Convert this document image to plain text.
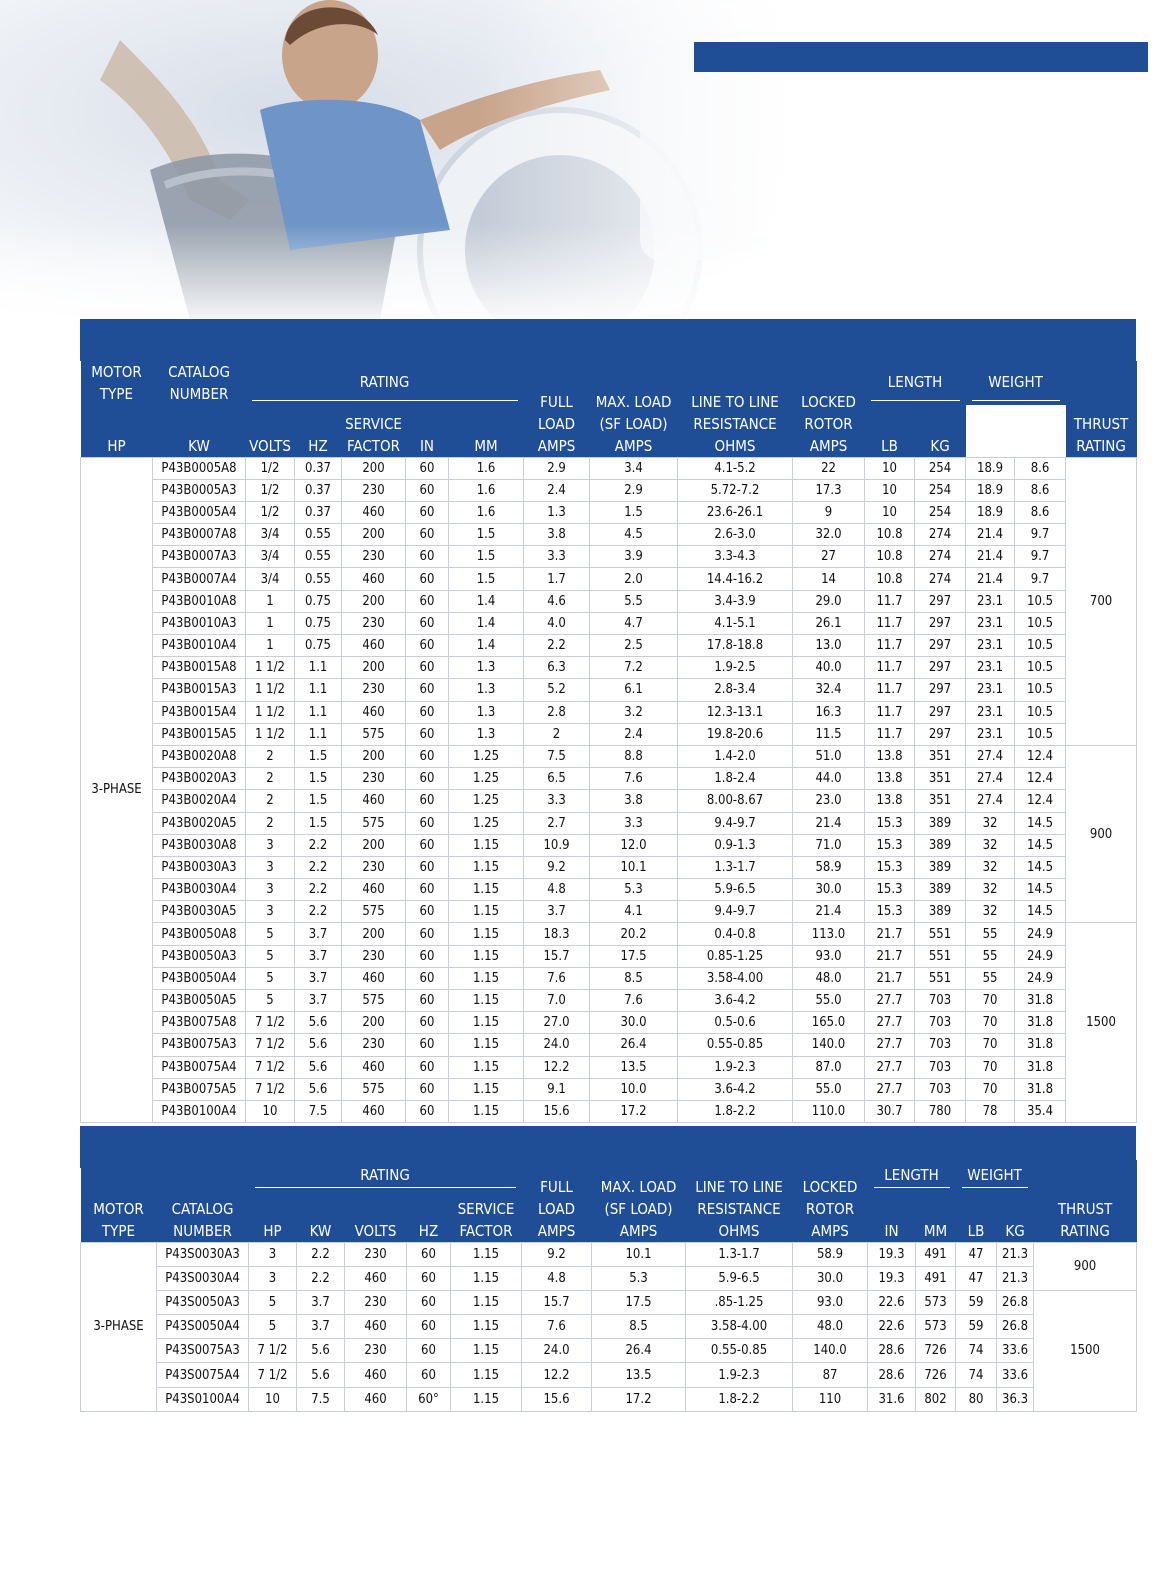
MOTOR TYPE	CATALOG NUMBER	RATING					FULL LOAD AMPS	MAX. LOAD (SF LOAD) AMPS	LINE TO LINE RESISTANCE OHMS	LOCKED ROTOR AMPS	LENGTH		WEIGHT		THRUST RATING

HP	KW	VOLTS	HZ	SERVICE FACTOR	IN	MM					LB	KG			
3-PHASE	P43B0005A8	1/2	0.37	200	60	1.6	2.9	3.4	4.1-5.2	22	10	254	18.9	8.6	700
	P43B0005A3	1/2	0.37	230	60	1.6	2.4	2.9	5.72-7.2	17.3	10	254	18.9	8.6	
	P43B0005A4	1/2	0.37	460	60	1.6	1.3	1.5	23.6-26.1	9	10	254	18.9	8.6	
	P43B0007A8	3/4	0.55	200	60	1.5	3.8	4.5	2.6-3.0	32.0	10.8	274	21.4	9.7	
	P43B0007A3	3/4	0.55	230	60	1.5	3.3	3.9	3.3-4.3	27	10.8	274	21.4	9.7	
	P43B0007A4	3/4	0.55	460	60	1.5	1.7	2.0	14.4-16.2	14	10.8	274	21.4	9.7	
	P43B0010A8	1	0.75	200	60	1.4	4.6	5.5	3.4-3.9	29.0	11.7	297	23.1	10.5	
	P43B0010A3	1	0.75	230	60	1.4	4.0	4.7	4.1-5.1	26.1	11.7	297	23.1	10.5	
	P43B0010A4	1	0.75	460	60	1.4	2.2	2.5	17.8-18.8	13.0	11.7	297	23.1	10.5	
	P43B0015A8	1 1/2	1.1	200	60	1.3	6.3	7.2	1.9-2.5	40.0	11.7	297	23.1	10.5	
	P43B0015A3	1 1/2	1.1	230	60	1.3	5.2	6.1	2.8-3.4	32.4	11.7	297	23.1	10.5	
	P43B0015A4	1 1/2	1.1	460	60	1.3	2.8	3.2	12.3-13.1	16.3	11.7	297	23.1	10.5	
	P43B0015A5	1 1/2	1.1	575	60	1.3	2	2.4	19.8-20.6	11.5	11.7	297	23.1	10.5	
	P43B0020A8	2	1.5	200	60	1.25	7.5	8.8	1.4-2.0	51.0	13.8	351	27.4	12.4	900
	P43B0020A3	2	1.5	230	60	1.25	6.5	7.6	1.8-2.4	44.0	13.8	351	27.4	12.4	
	P43B0020A4	2	1.5	460	60	1.25	3.3	3.8	8.00-8.67	23.0	13.8	351	27.4	12.4	
	P43B0020A5	2	1.5	575	60	1.25	2.7	3.3	9.4-9.7	21.4	15.3	389	32	14.5	
	P43B0030A8	3	2.2	200	60	1.15	10.9	12.0	0.9-1.3	71.0	15.3	389	32	14.5	
	P43B0030A3	3	2.2	230	60	1.15	9.2	10.1	1.3-1.7	58.9	15.3	389	32	14.5	
	P43B0030A4	3	2.2	460	60	1.15	4.8	5.3	5.9-6.5	30.0	15.3	389	32	14.5	
	P43B0030A5	3	2.2	575	60	1.15	3.7	4.1	9.4-9.7	21.4	15.3	389	32	14.5	
	P43B0050A8	5	3.7	200	60	1.15	18.3	20.2	0.4-0.8	113.0	21.7	551	55	24.9	1500
	P43B0050A3	5	3.7	230	60	1.15	15.7	17.5	0.85-1.25	93.0	21.7	551	55	24.9	
	P43B0050A4	5	3.7	460	60	1.15	7.6	8.5	3.58-4.00	48.0	21.7	551	55	24.9	
	P43B0050A5	5	3.7	575	60	1.15	7.0	7.6	3.6-4.2	55.0	27.7	703	70	31.8	
	P43B0075A8	7 1/2	5.6	200	60	1.15	27.0	30.0	0.5-0.6	165.0	27.7	703	70	31.8	
	P43B0075A3	7 1/2	5.6	230	60	1.15	24.0	26.4	0.55-0.85	140.0	27.7	703	70	31.8	
	P43B0075A4	7 1/2	5.6	460	60	1.15	12.2	13.5	1.9-2.3	87.0	27.7	703	70	31.8	
	P43B0075A5	7 1/2	5.6	575	60	1.15	9.1	10.0	3.6-4.2	55.0	27.7	703	70	31.8	
	P43B0100A4	10	7.5	460	60	1.15	15.6	17.2	1.8-2.2	110.0	30.7	780	78	35.4	
MOTOR TYPE	CATALOG NUMBER	RATING					FULL LOAD AMPS	MAX. LOAD (SF LOAD) AMPS	LINE TO LINE RESISTANCE OHMS	LOCKED ROTOR AMPS	LENGTH		WEIGHT		THRUST RATING
		HP	KW	VOLTS	HZ	SERVICE FACTOR					IN	MM	LB	KG	
3-PHASE	P43S0030A3	3	2.2	230	60	1.15	9.2	10.1	1.3-1.7	58.9	19.3	491	47	21.3	900
	P43S0030A4	3	2.2	460	60	1.15	4.8	5.3	5.9-6.5	30.0	19.3	491	47	21.3	
	P43S0050A3	5	3.7	230	60	1.15	15.7	17.5	.85-1.25	93.0	22.6	573	59	26.8	1500
	P43S0050A4	5	3.7	460	60	1.15	7.6	8.5	3.58-4.00	48.0	22.6	573	59	26.8	
	P43S0075A3	7 1/2	5.6	230	60	1.15	24.0	26.4	0.55-0.85	140.0	28.6	726	74	33.6	
	P43S0075A4	7 1/2	5.6	460	60	1.15	12.2	13.5	1.9-2.3	87	28.6	726	74	33.6	
	P43S0100A4	10	7.5	460	60°	1.15	15.6	17.2	1.8-2.2	110	31.6	802	80	36.3	
